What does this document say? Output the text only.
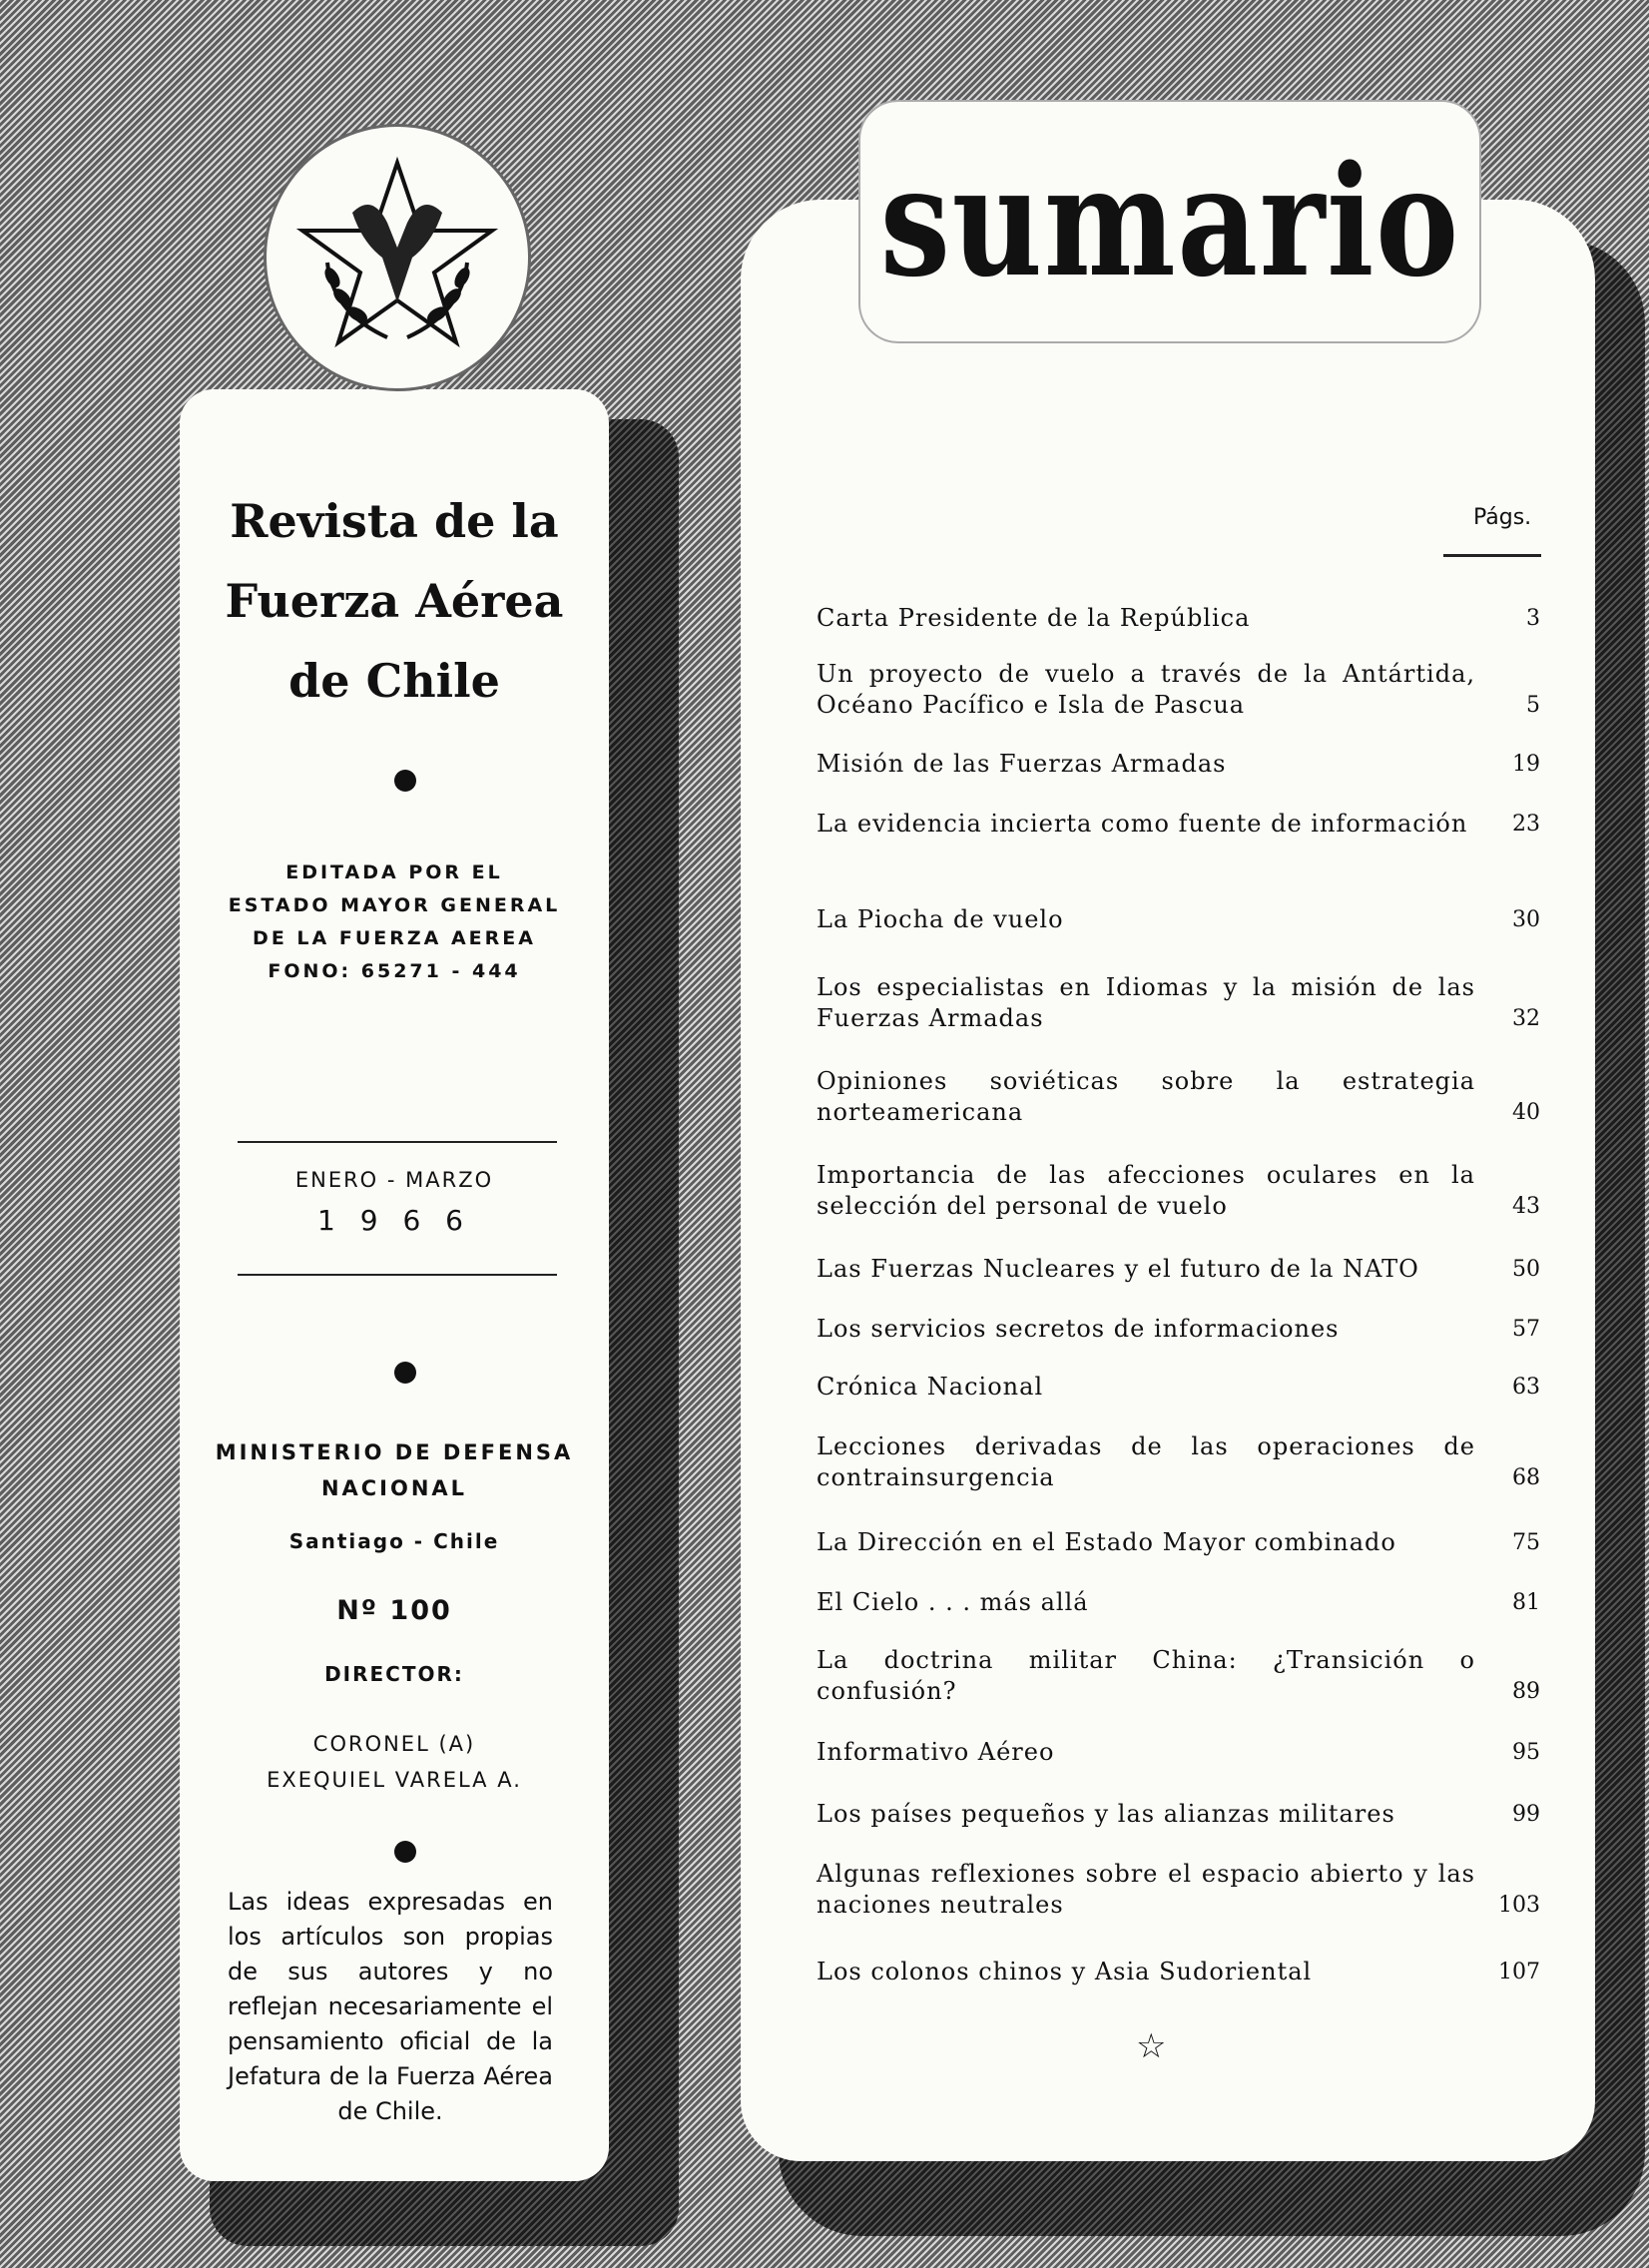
sumario
Revista de la
Fuerza Aérea
de Chile
EDITADA POR EL
ESTADO MAYOR GENERAL
DE LA FUERZA AEREA
FONO: 65271 - 444
ENERO - MARZO
1 9 6 6
MINISTERIO DE DEFENSA
NACIONAL
Santiago - Chile
Nº 100
DIRECTOR:
CORONEL (A)
EXEQUIEL VARELA A.
Las ideas expresadas en los artículos son propias de sus autores y no reflejan necesariamente el pensamiento oficial de la Jefatura de la Fuerza Aérea de Chile.
Págs.
Carta Presidente de la República	3
Un proyecto de vuelo a través de la Antártida, Océano Pacífico e Isla de Pascua	5
Misión de las Fuerzas Armadas	19
La evidencia incierta como fuente de información	23
La Piocha de vuelo	30
Los especialistas en Idiomas y la misión de las Fuerzas Armadas	32
Opiniones soviéticas sobre la estrategia norteamericana	40
Importancia de las afecciones oculares en la selección del personal de vuelo	43
Las Fuerzas Nucleares y el futuro de la NATO	50
Los servicios secretos de informaciones	57
Crónica Nacional	63
Lecciones derivadas de las operaciones de contrainsurgencia	68
La Dirección en el Estado Mayor combinado	75
El Cielo . . . más allá	81
La doctrina militar China: ¿Transición o confusión?	89
Informativo Aéreo	95
Los países pequeños y las alianzas militares	99
Algunas reflexiones sobre el espacio abierto y las naciones neutrales	103
Los colonos chinos y Asia Sudoriental	107
☆
